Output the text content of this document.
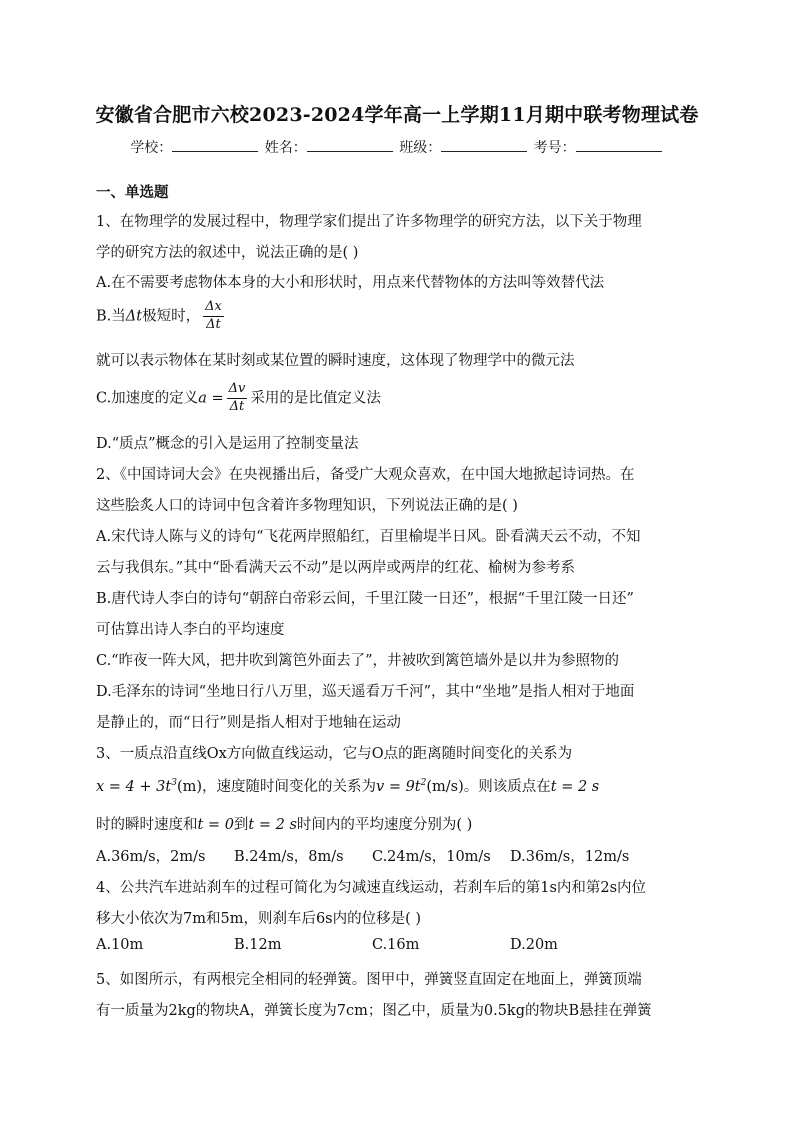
安徽省合肥市六校2023-2024学年高一上学期11月期中联考物理试卷
学校：	姓名：	班级：	考号：
一、单选题
1、在物理学的发展过程中，物理学家们提出了许多物理学的研究方法，以下关于物理
学的研究方法的叙述中，说法正确的是( )
A.在不需要考虑物体本身的大小和形状时，用点来代替物体的方法叫等效替代法
B.当Δt极短时， $\frac{\Delta x}{\Delta t}$
就可以表示物体在某时刻或某位置的瞬时速度，这体现了物理学中的微元法
C.加速度的定义$a = \frac{\Delta v}{\Delta t}$ 采用的是比值定义法
D.“质点”概念的引入是运用了控制变量法
2、《中国诗词大会》在央视播出后，备受广大观众喜欢，在中国大地掀起诗词热。在
这些脍炙人口的诗词中包含着许多物理知识，下列说法正确的是( )
A.宋代诗人陈与义的诗句“飞花两岸照船红，百里榆堤半日风。卧看满天云不动，不知
云与我俱东。”其中“卧看满天云不动”是以两岸或两岸的红花、榆树为参考系
B.唐代诗人李白的诗句“朝辞白帝彩云间，千里江陵一日还”，根据“千里江陵一日还”
可估算出诗人李白的平均速度
C.“昨夜一阵大风，把井吹到篱笆外面去了”，井被吹到篱笆墙外是以井为参照物的
D.毛泽东的诗词“坐地日行八万里，巡天遥看万千河”，其中“坐地”是指人相对于地面
是静止的，而“日行”则是指人相对于地轴在运动
3、一质点沿直线Ox方向做直线运动，它与O点的距离随时间变化的关系为
$x = 4 + 3t^3(m)$，速度随时间变化的关系为$v = 9t^2(m/s)$。则该质点在t = 2 s
时的瞬时速度和t = 0到t = 2 s时间内的平均速度分别为( )
A.36m/s，2m/s B.24m/s，8m/s C.24m/s，10m/s D.36m/s，12m/s
4、公共汽车进站刹车的过程可简化为匀减速直线运动，若刹车后的第1s内和第2s内位
移大小依次为7m和5m，则刹车后6s内的位移是( )
A.10m	B.12m	C.16m	D.20m
5、如图所示，有两根完全相同的轻弹簧。图甲中，弹簧竖直固定在地面上，弹簧顶端
有一质量为2kg的物块A，弹簧长度为7cm；图乙中，质量为0.5kg的物块B悬挂在弹簧
